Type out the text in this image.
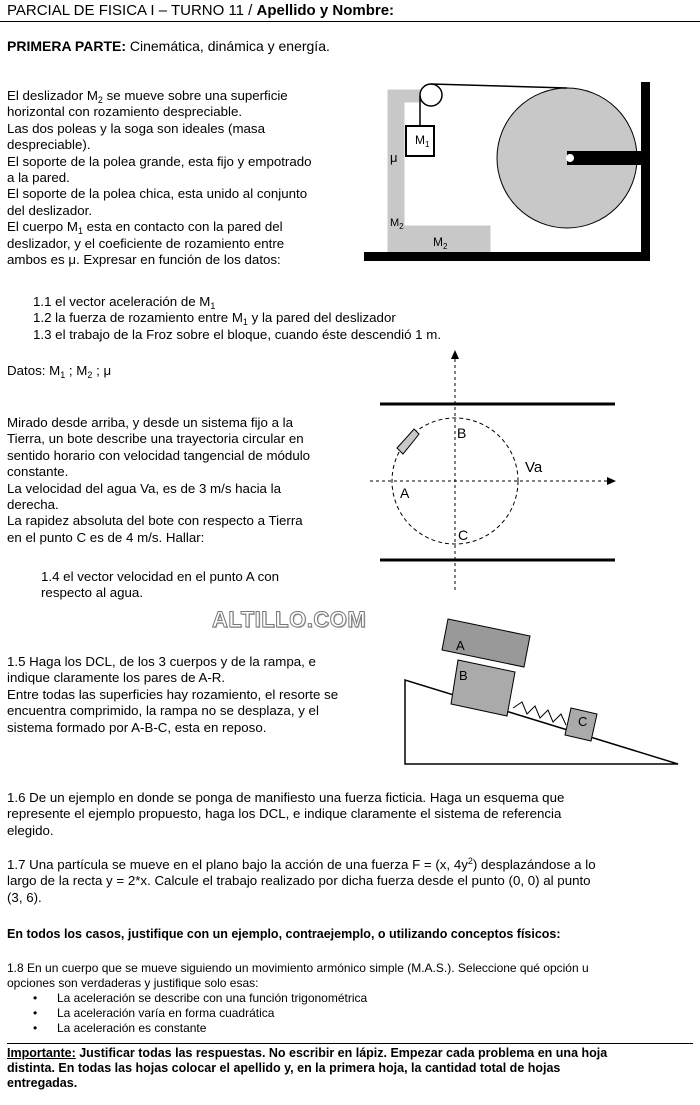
PARCIAL DE FISICA I – TURNO 11 / Apellido y Nombre:
PRIMERA PARTE: Cinemática, dinámica y energía.
El deslizador $M_2$ se mueve sobre una superficie
horizontal con rozamiento despreciable.
Las dos poleas y la soga son ideales (masa
despreciable).
El soporte de la polea grande, esta fijo y empotrado
a la pared.
El soporte de la polea chica, esta unido al conjunto
del deslizador.
El cuerpo $M_1$ esta en contacto con la pared del
deslizador, y el coeficiente de rozamiento entre
ambos es μ. Expresar en función de los datos:
$M_1$
μ
$M_2$
$M_2$
1.1 el vector aceleración de $M_1$
1.2 la fuerza de rozamiento entre $M_1$ y la pared del deslizador
1.3 el trabajo de la Froz sobre el bloque, cuando éste descendió 1 m.
Datos: $M_1$ ; $M_2$ ; μ
Mirado desde arriba, y desde un sistema fijo a la
Tierra, un bote describe una trayectoria circular en
sentido horario con velocidad tangencial de módulo
constante.
La velocidad del agua Va, es de 3 m/s hacia la
derecha.
La rapidez absoluta del bote con respecto a Tierra
en el punto C es de 4 m/s. Hallar:
1.4 el vector velocidad en el punto A con
respecto al agua.
B
A
C
Va
ALTILLO.COM
1.5 Haga los DCL, de los 3 cuerpos y de la rampa, e
indique claramente los pares de A-R.
Entre todas las superficies hay rozamiento, el resorte se
encuentra comprimido, la rampa no se desplaza, y el
sistema formado por A-B-C, esta en reposo.
A
B
C
1.6 De un ejemplo en donde se ponga de manifiesto una fuerza ficticia. Haga un esquema que
represente el ejemplo propuesto, haga los DCL, e indique claramente el sistema de referencia
elegido.
1.7 Una partícula se mueve en el plano bajo la acción de una fuerza F = (x, $4y^2$) desplazándose a lo
largo de la recta y = 2*x. Calcule el trabajo realizado por dicha fuerza desde el punto (0, 0) al punto
(3, 6).
En todos los casos, justifique con un ejemplo, contraejemplo, o utilizando conceptos físicos:
1.8 En un cuerpo que se mueve siguiendo un movimiento armónico simple (M.A.S.). Seleccione qué opción u
opciones son verdaderas y justifique solo esas:
• La aceleración se describe con una función trigonométrica
• La aceleración varía en forma cuadrática
• La aceleración es constante
Importante: Justificar todas las respuestas. No escribir en lápiz. Empezar cada problema en una hoja
distinta. En todas las hojas colocar el apellido y, en la primera hoja, la cantidad total de hojas
entregadas.
